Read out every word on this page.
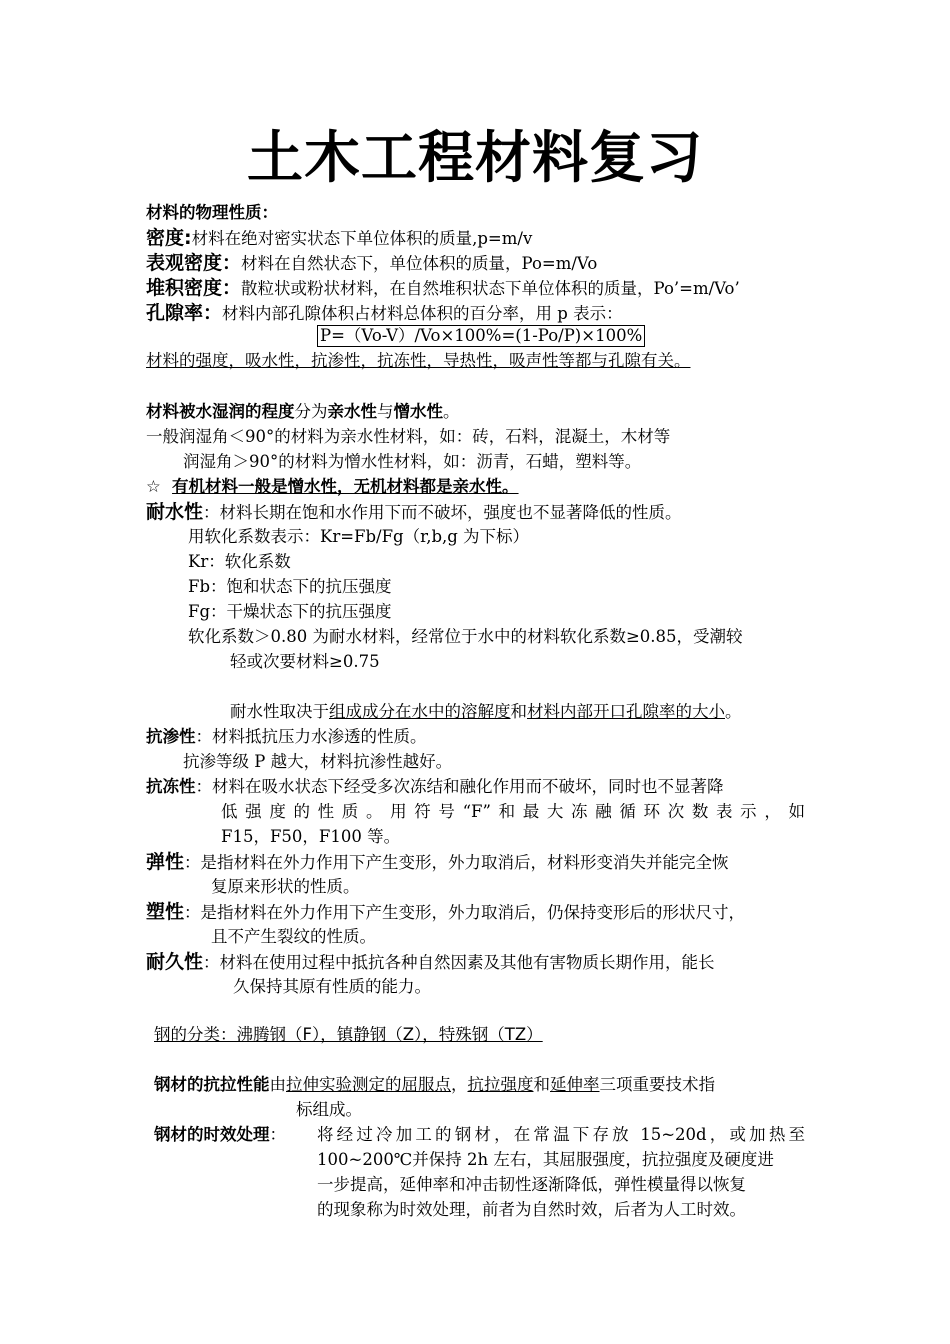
土木工程材料复习
材料的物理性质：
密度:材料在绝对密实状态下单位体积的质量,p=m/v
表观密度：材料在自然状态下，单位体积的质量，Po=m/Vo
堆积密度：散粒状或粉状材料，在自然堆积状态下单位体积的质量，Po’=m/Vo’
孔隙率：材料内部孔隙体积占材料总体积的百分率，用 p 表示：
P=（Vo-V）/Vo×100%=(1-Po/P)×100%
材料的强度，吸水性，抗渗性，抗冻性，导热性，吸声性等都与孔隙有关。
材料被水湿润的程度分为亲水性与憎水性。
一般润湿角＜90°的材料为亲水性材料，如：砖，石料，混凝土，木材等
润湿角＞90°的材料为憎水性材料，如：沥青，石蜡，塑料等。
☆ 有机材料一般是憎水性，无机材料都是亲水性。
耐水性：材料长期在饱和水作用下而不破坏，强度也不显著降低的性质。
用软化系数表示：Kr=Fb/Fg（r,b,g 为下标）
Kr：软化系数
Fb：饱和状态下的抗压强度
Fg：干燥状态下的抗压强度
软化系数＞0.80 为耐水材料，经常位于水中的材料软化系数≥0.85，受潮较
轻或次要材料≥0.75
耐水性取决于组成成分在水中的溶解度和材料内部开口孔隙率的大小。
抗渗性：材料抵抗压力水渗透的性质。
抗渗等级 P 越大，材料抗渗性越好。
抗冻性：材料在吸水状态下经受多次冻结和融化作用而不破坏，同时也不显著降
低强度的性质。用符号“F”和最大冻融循环次数表示，如
F15，F50，F100 等。
弹性：是指材料在外力作用下产生变形，外力取消后，材料形变消失并能完全恢
复原来形状的性质。
塑性：是指材料在外力作用下产生变形，外力取消后，仍保持变形后的形状尺寸，
且不产生裂纹的性质。
耐久性：材料在使用过程中抵抗各种自然因素及其他有害物质长期作用，能长
久保持其原有性质的能力。
钢的分类：沸腾钢（F），镇静钢（Z），特殊钢（TZ）
钢材的抗拉性能由拉伸实验测定的屈服点，抗拉强度和延伸率三项重要技术指
标组成。
钢材的时效处理： 将经过冷加工的钢材，在常温下存放 15~20d，或加热至
100~200℃并保持 2h 左右，其屈服强度，抗拉强度及硬度进
一步提高，延伸率和冲击韧性逐渐降低，弹性模量得以恢复
的现象称为时效处理，前者为自然时效，后者为人工时效。
